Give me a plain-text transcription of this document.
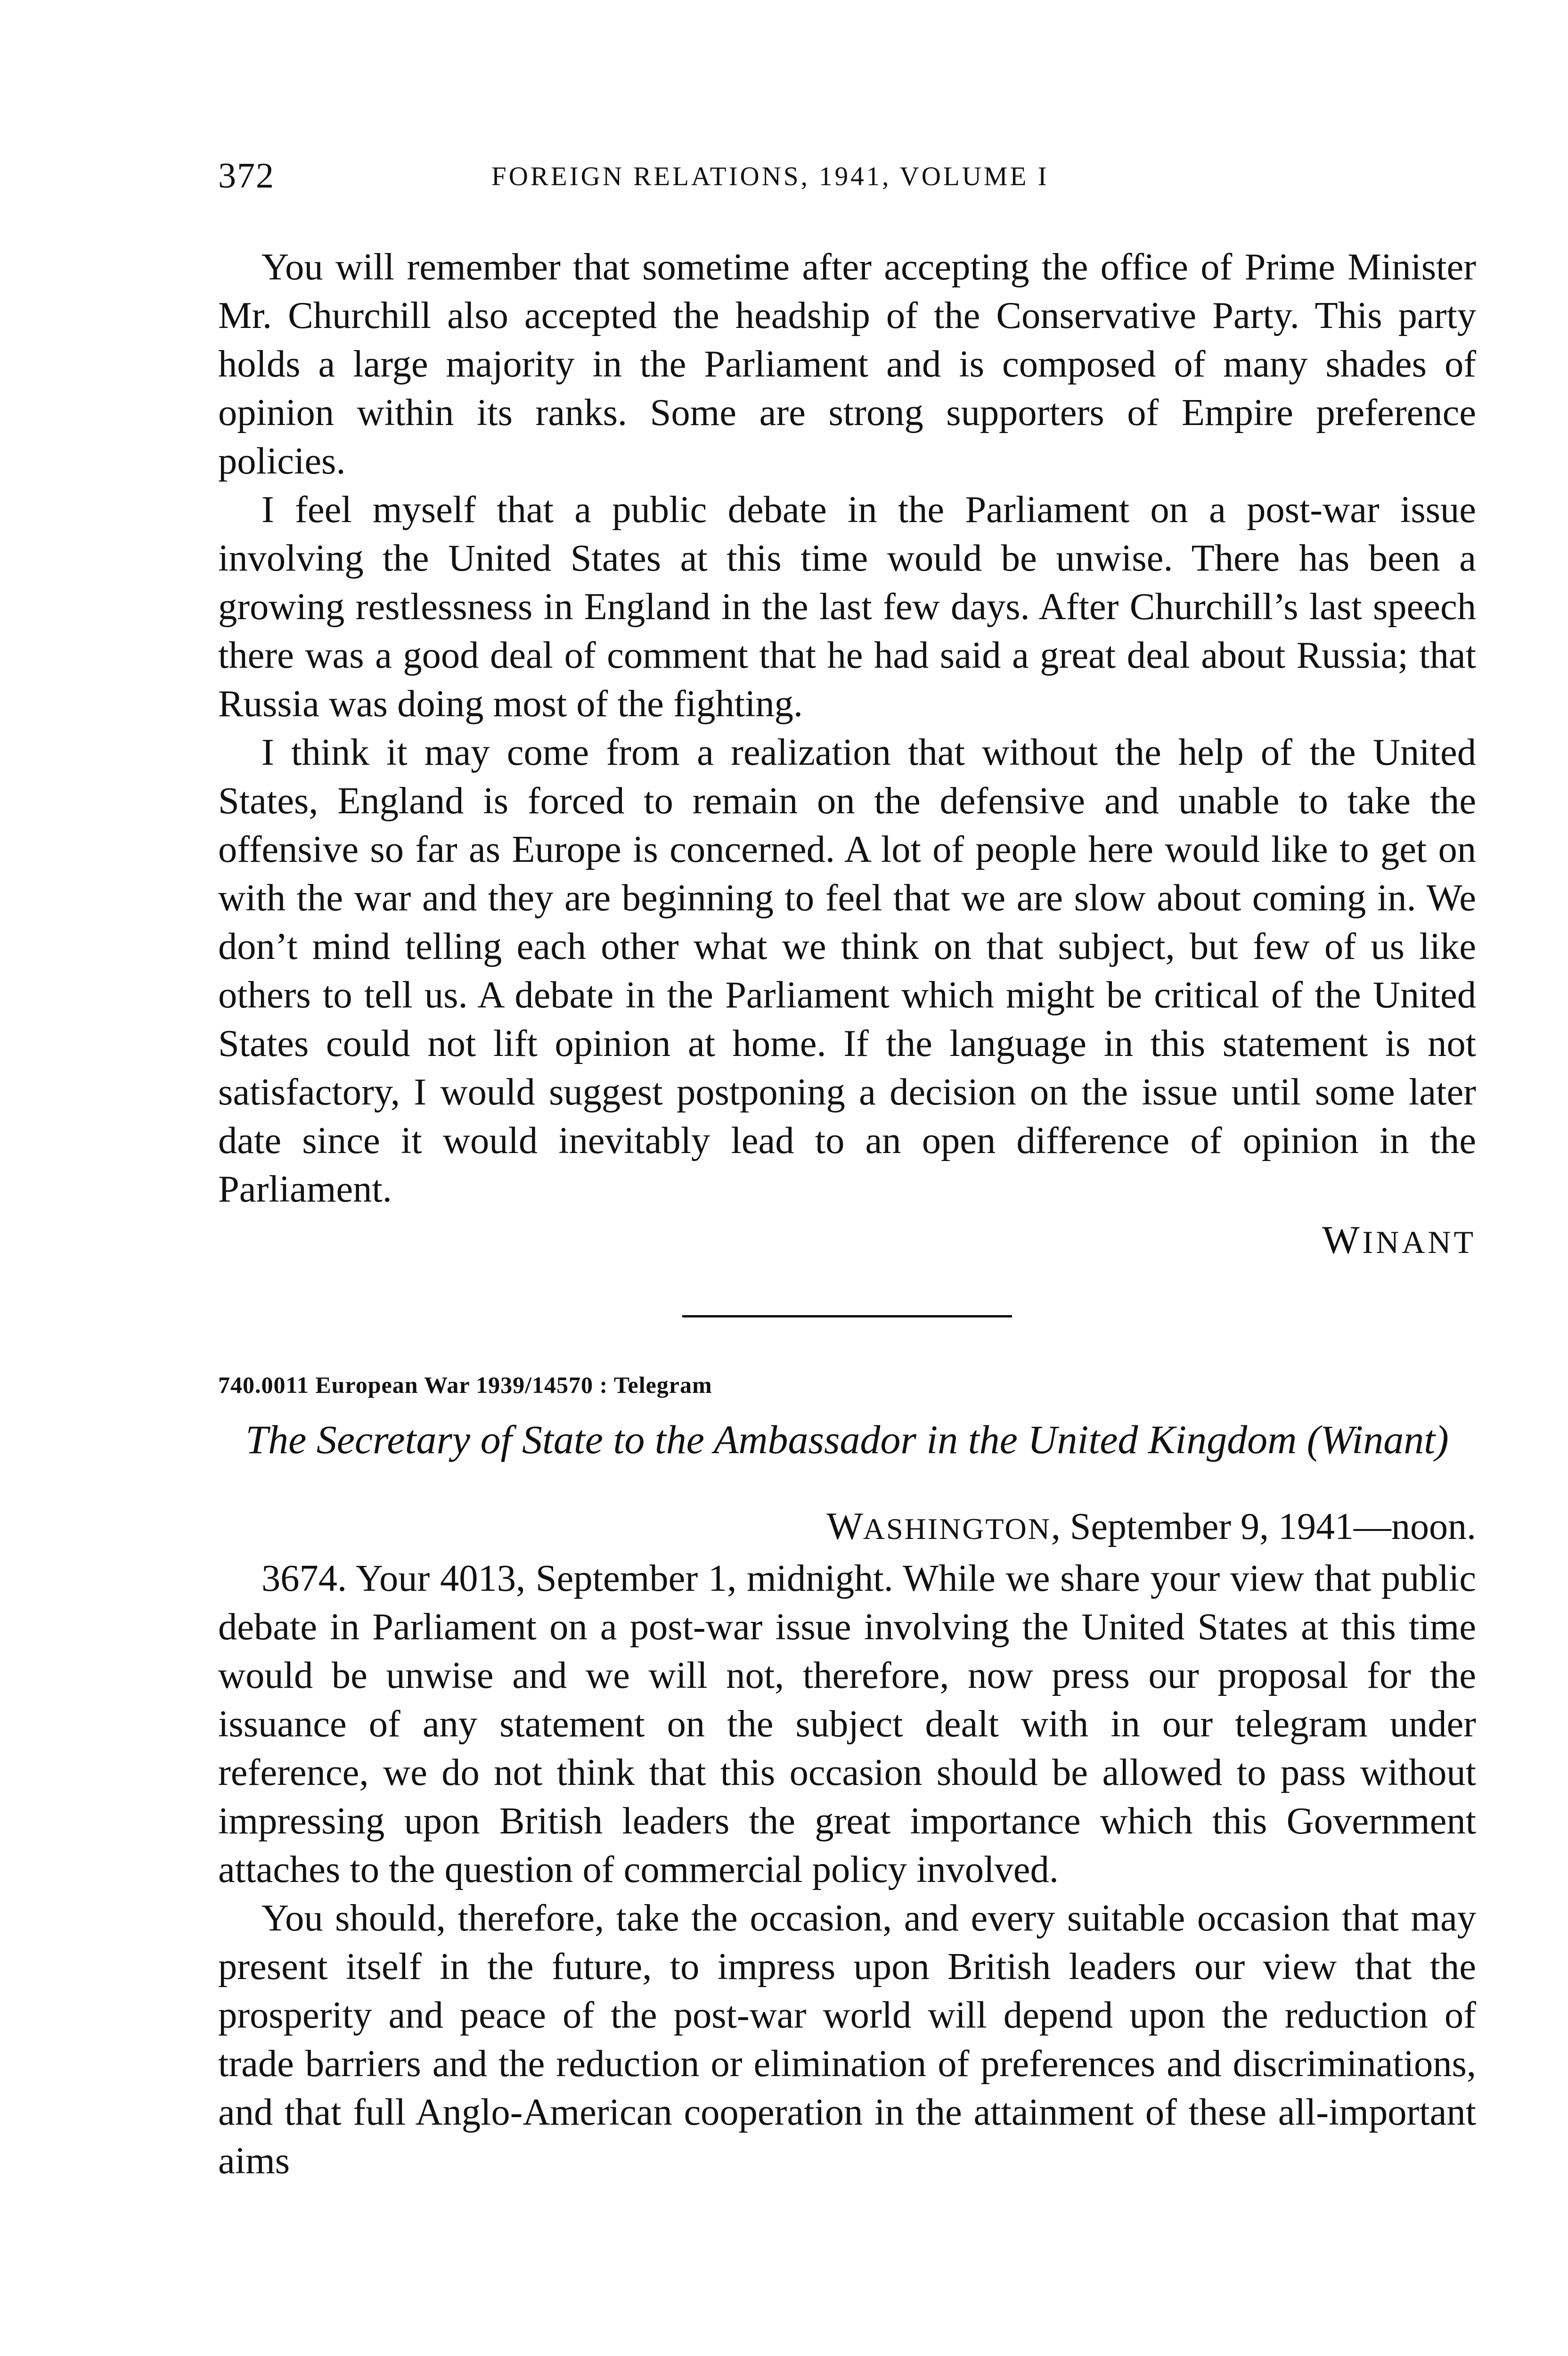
372	FOREIGN RELATIONS, 1941, VOLUME I

You will remember that sometime after accepting the office of Prime Minister Mr. Churchill also accepted the headship of the Conservative Party. This party holds a large majority in the Parliament and is composed of many shades of opinion within its ranks. Some are strong supporters of Empire preference policies.

I feel myself that a public debate in the Parliament on a post-war issue involving the United States at this time would be unwise. There has been a growing restlessness in England in the last few days. After Churchill’s last speech there was a good deal of comment that he had said a great deal about Russia; that Russia was doing most of the fighting.

I think it may come from a realization that without the help of the United States, England is forced to remain on the defensive and unable to take the offensive so far as Europe is concerned. A lot of people here would like to get on with the war and they are beginning to feel that we are slow about coming in. We don’t mind telling each other what we think on that subject, but few of us like others to tell us. A debate in the Parliament which might be critical of the United States could not lift opinion at home. If the language in this statement is not satisfactory, I would suggest postponing a decision on the issue until some later date since it would inevitably lead to an open difference of opinion in the Parliament.

WINANT
740.0011 European War 1939/14570 : Telegram
The Secretary of State to the Ambassador in the United Kingdom (Winant)
WASHINGTON, September 9, 1941—noon.

3674. Your 4013, September 1, midnight. While we share your view that public debate in Parliament on a post-war issue involving the United States at this time would be unwise and we will not, therefore, now press our proposal for the issuance of any statement on the subject dealt with in our telegram under reference, we do not think that this occasion should be allowed to pass without impressing upon British leaders the great importance which this Government attaches to the question of commercial policy involved.

You should, therefore, take the occasion, and every suitable occasion that may present itself in the future, to impress upon British leaders our view that the prosperity and peace of the post-war world will depend upon the reduction of trade barriers and the reduction or elimination of preferences and discriminations, and that full Anglo-American cooperation in the attainment of these all-important aims
